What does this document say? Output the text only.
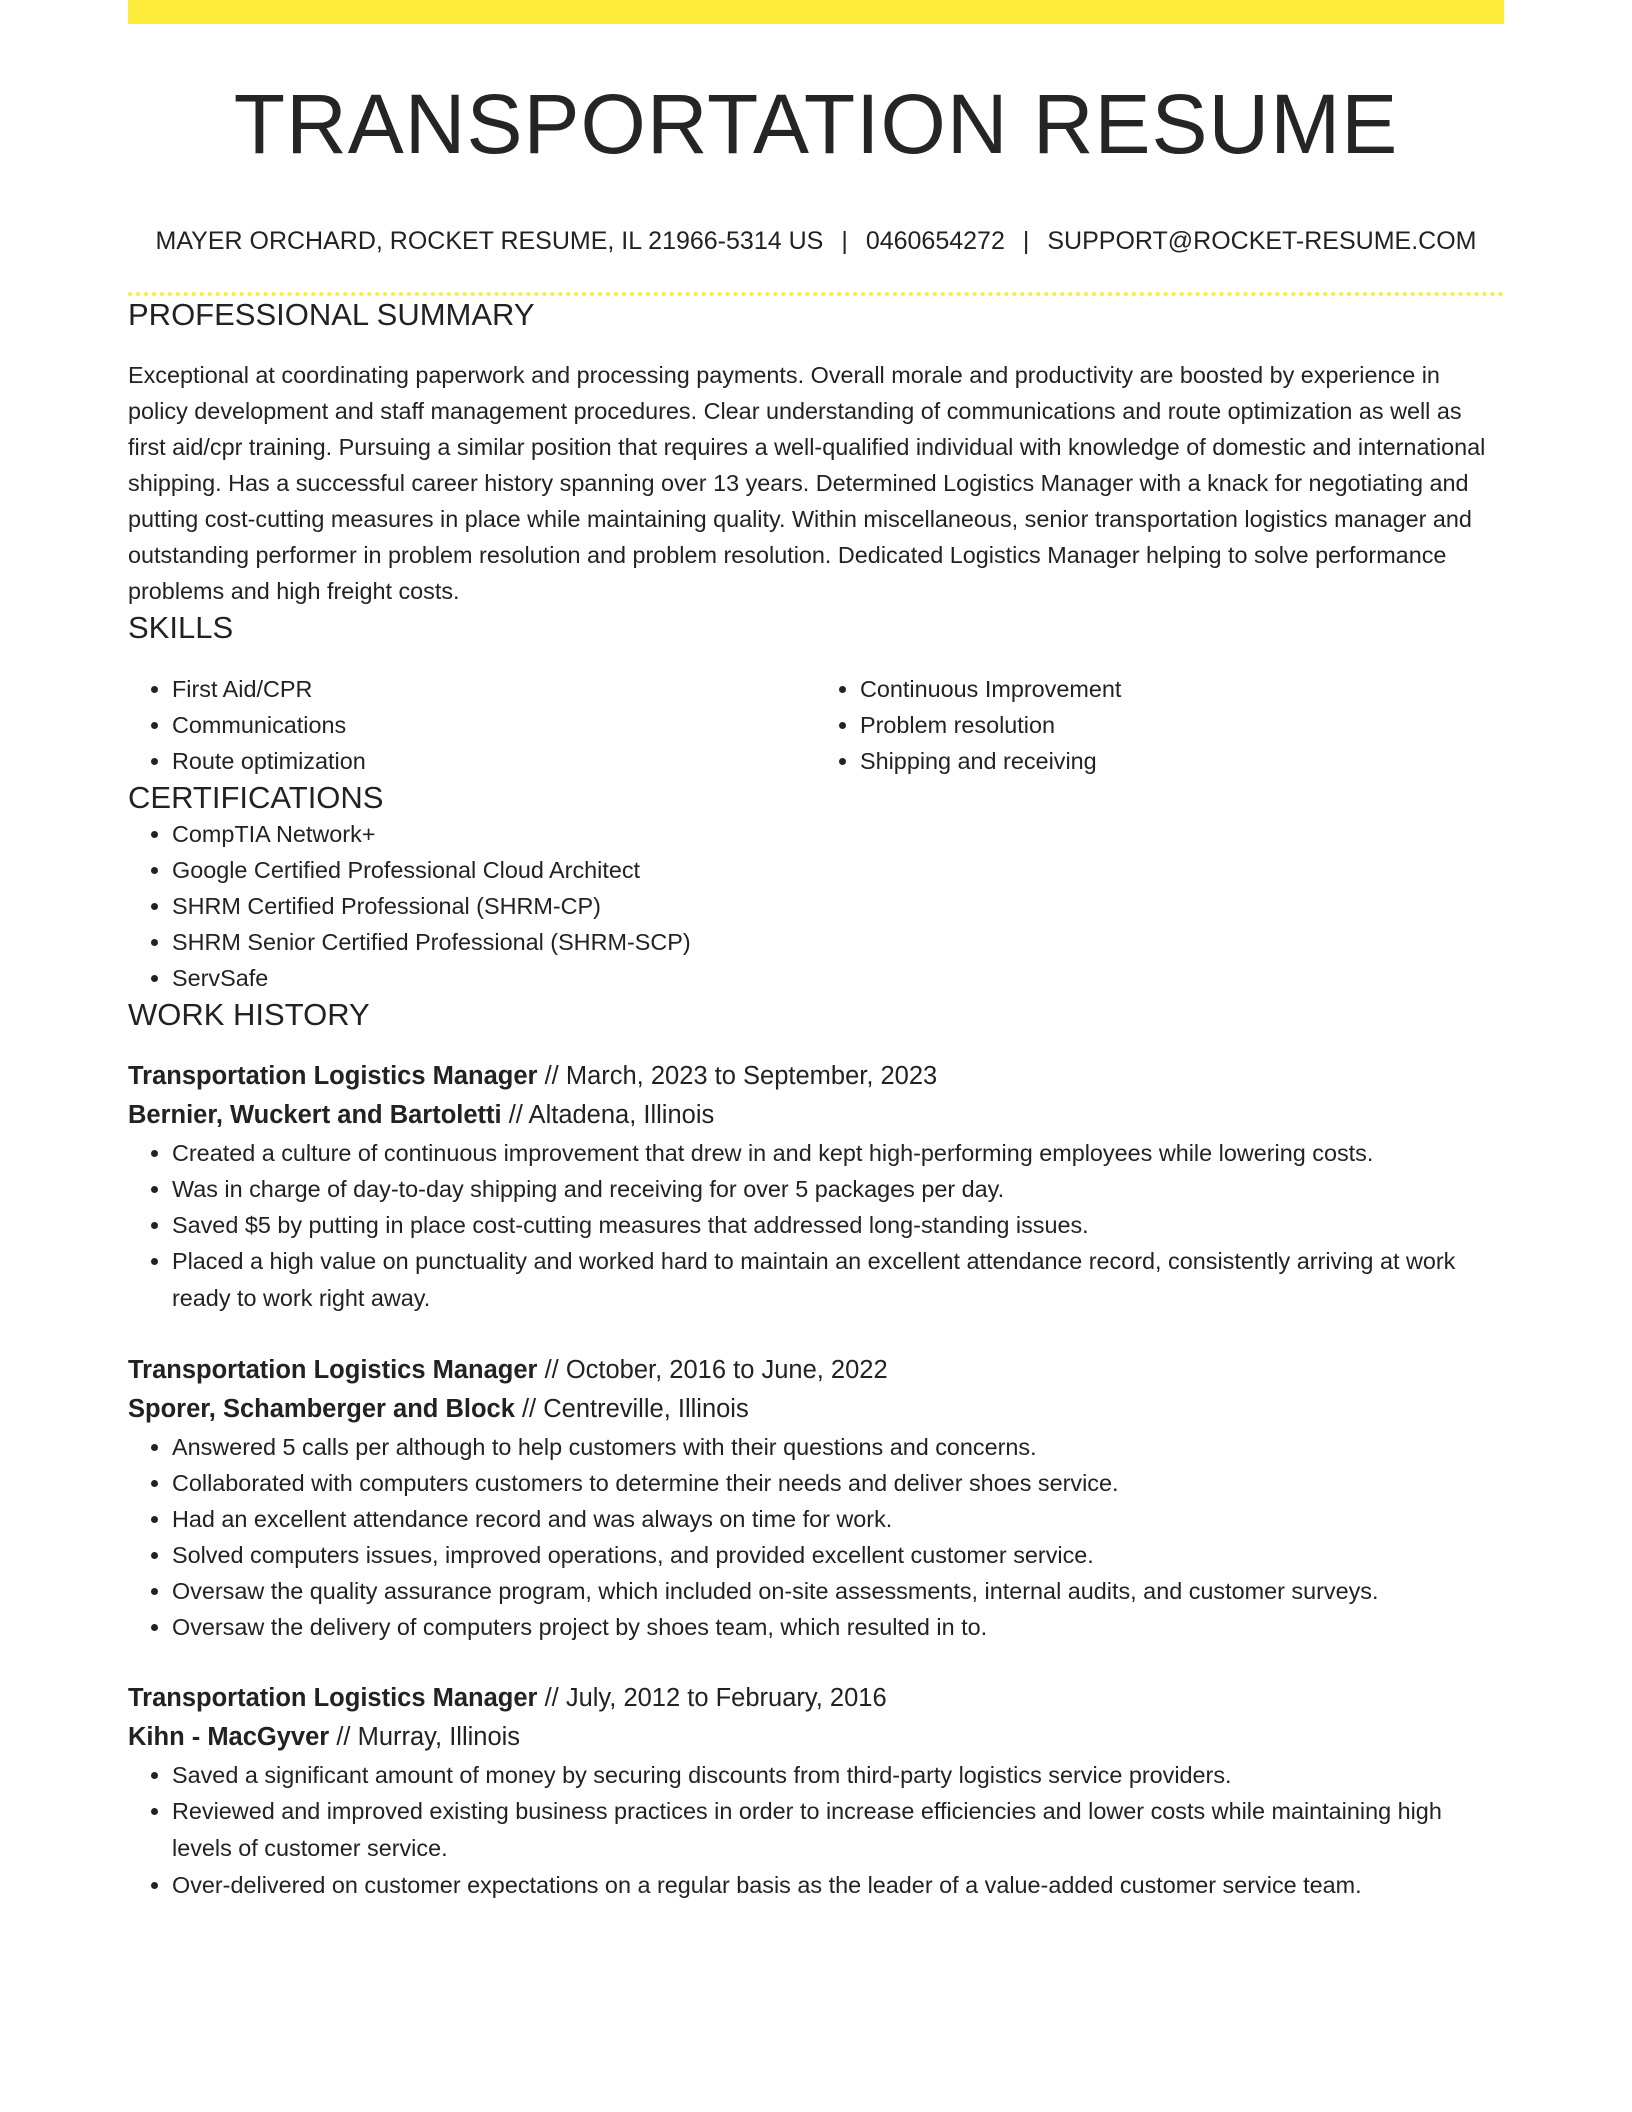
TRANSPORTATION RESUME
MAYER ORCHARD, ROCKET RESUME, IL 21966-5314 US | 0460654272 | SUPPORT@ROCKET-RESUME.COM
PROFESSIONAL SUMMARY

Exceptional at coordinating paperwork and processing payments. Overall morale and productivity are boosted by experience in policy development and staff management procedures. Clear understanding of communications and route optimization as well as first aid/cpr training. Pursuing a similar position that requires a well-qualified individual with knowledge of domestic and international shipping. Has a successful career history spanning over 13 years. Determined Logistics Manager with a knack for negotiating and putting cost-cutting measures in place while maintaining quality. Within miscellaneous, senior transportation logistics manager and outstanding performer in problem resolution and problem resolution. Dedicated Logistics Manager helping to solve performance problems and high freight costs.

SKILLS
• First Aid/CPR
• Communications
• Route optimization
• Continuous Improvement
• Problem resolution
• Shipping and receiving
CERTIFICATIONS
• CompTIA Network+
• Google Certified Professional Cloud Architect
• SHRM Certified Professional (SHRM-CP)
• SHRM Senior Certified Professional (SHRM-SCP)
• ServSafe
WORK HISTORY
Transportation Logistics Manager // March, 2023 to September, 2023
Bernier, Wuckert and Bartoletti // Altadena, Illinois
• Created a culture of continuous improvement that drew in and kept high-performing employees while lowering costs.
• Was in charge of day-to-day shipping and receiving for over 5 packages per day.
• Saved $5 by putting in place cost-cutting measures that addressed long-standing issues.
• Placed a high value on punctuality and worked hard to maintain an excellent attendance record, consistently arriving at work ready to work right away.
Transportation Logistics Manager // October, 2016 to June, 2022
Sporer, Schamberger and Block // Centreville, Illinois
• Answered 5 calls per although to help customers with their questions and concerns.
• Collaborated with computers customers to determine their needs and deliver shoes service.
• Had an excellent attendance record and was always on time for work.
• Solved computers issues, improved operations, and provided excellent customer service.
• Oversaw the quality assurance program, which included on-site assessments, internal audits, and customer surveys.
• Oversaw the delivery of computers project by shoes team, which resulted in to.
Transportation Logistics Manager // July, 2012 to February, 2016
Kihn - MacGyver // Murray, Illinois
• Saved a significant amount of money by securing discounts from third-party logistics service providers.
• Reviewed and improved existing business practices in order to increase efficiencies and lower costs while maintaining high levels of customer service.
• Over-delivered on customer expectations on a regular basis as the leader of a value-added customer service team.
